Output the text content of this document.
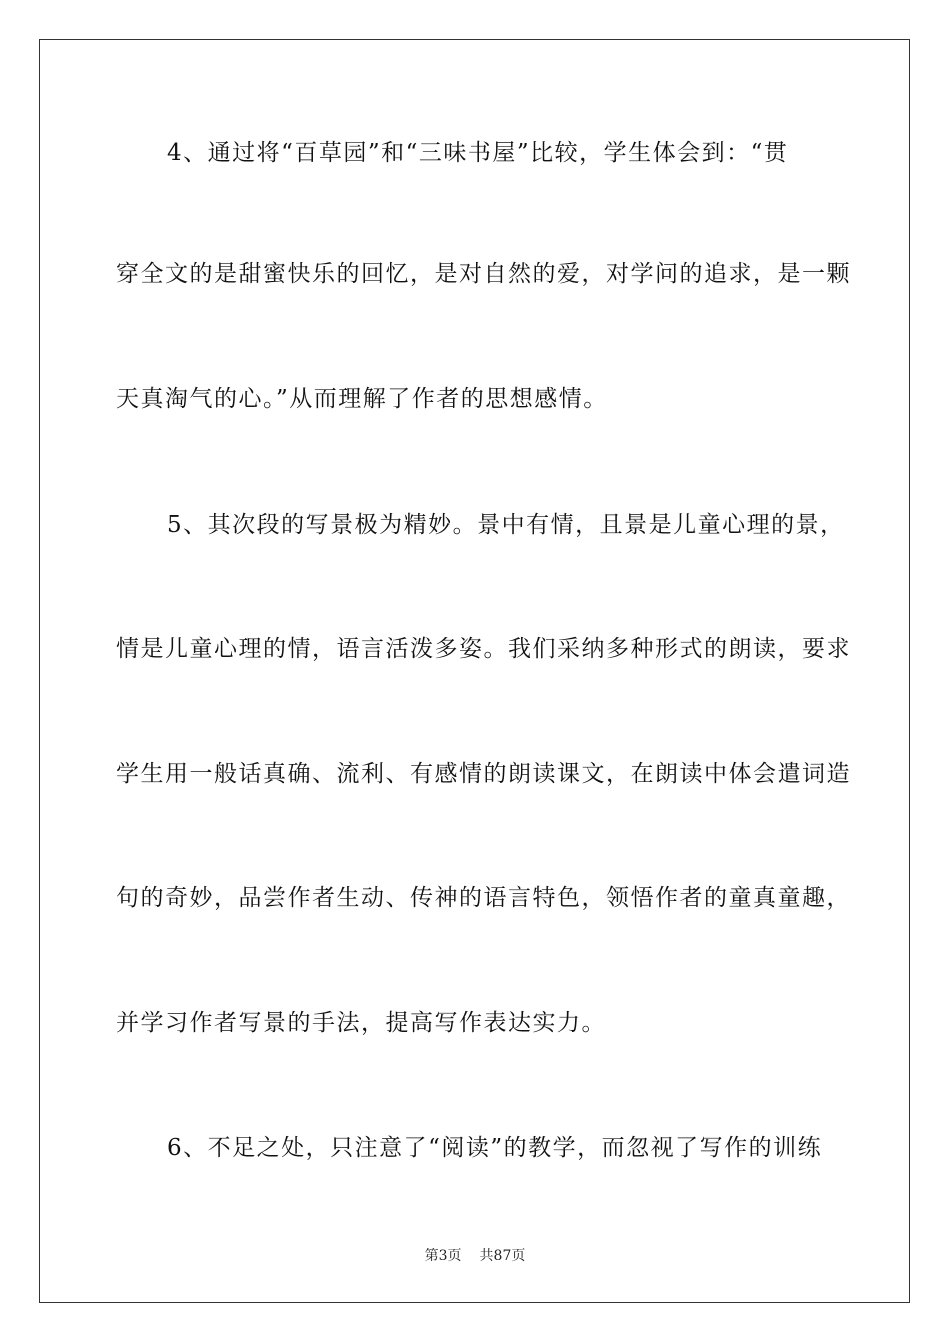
4、通过将“百草园”和“三味书屋”比较，学生体会到：“贯
穿全文的是甜蜜快乐的回忆，是对自然的爱，对学问的追求，是一颗
天真淘气的心。”从而理解了作者的思想感情。
5、其次段的写景极为精妙。景中有情，且景是儿童心理的景，
情是儿童心理的情，语言活泼多姿。我们采纳多种形式的朗读，要求
学生用一般话真确、流利、有感情的朗读课文，在朗读中体会遣词造
句的奇妙，品尝作者生动、传神的语言特色，领悟作者的童真童趣，
并学习作者写景的手法，提高写作表达实力。
6、不足之处，只注意了“阅读”的教学，而忽视了写作的训练
第3页 共87页
